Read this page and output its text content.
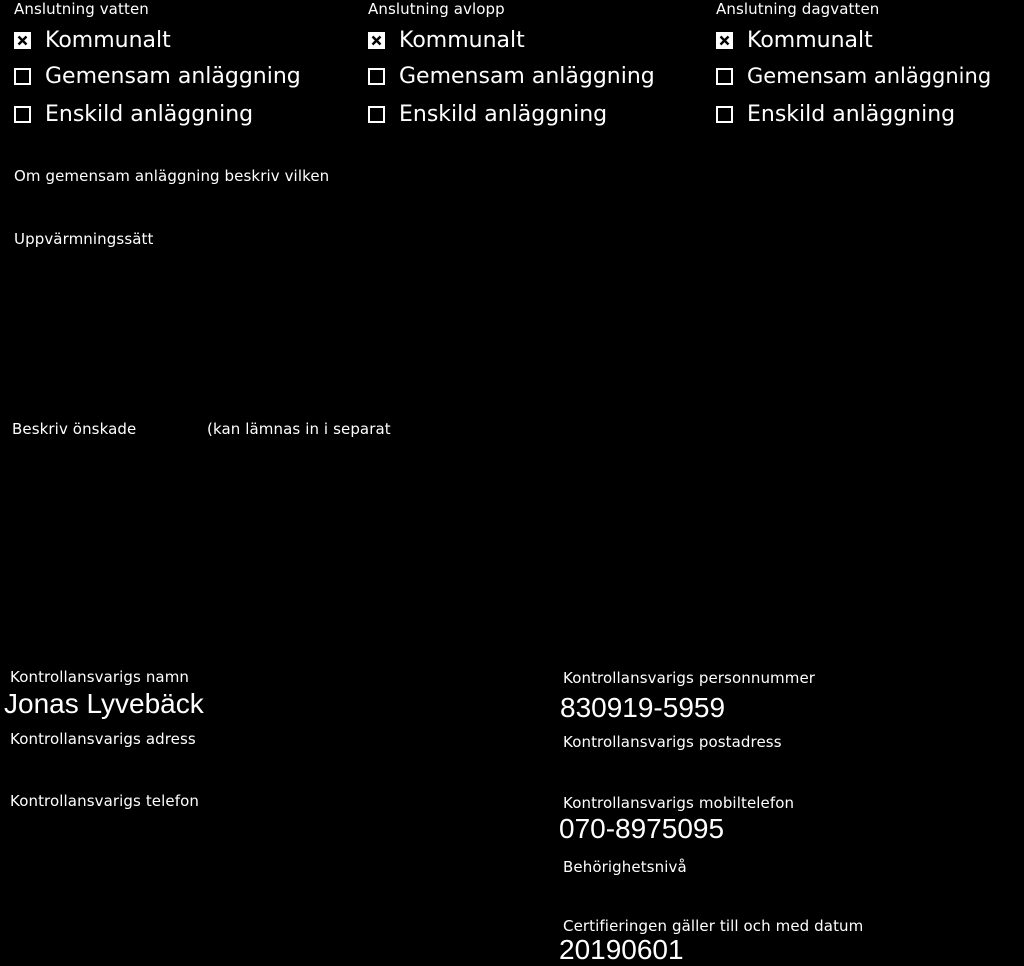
Anslutning vatten
Kommunalt
Gemensam anläggning
Enskild anläggning
Anslutning avlopp
Kommunalt
Gemensam anläggning
Enskild anläggning
Anslutning dagvatten
Kommunalt
Gemensam anläggning
Enskild anläggning
Om gemensam anläggning beskriv vilken
Uppvärmningssätt
Beskriv önskade	(kan lämnas in i separat
Kontrollansvarigs namn
Jonas Lyvebäck
Kontrollansvarigs adress
Kontrollansvarigs telefon
Kontrollansvarigs personnummer
830919-5959
Kontrollansvarigs postadress
Kontrollansvarigs mobiltelefon
070-8975095
Behörighetsnivå
Certifieringen gäller till och med datum
20190601
